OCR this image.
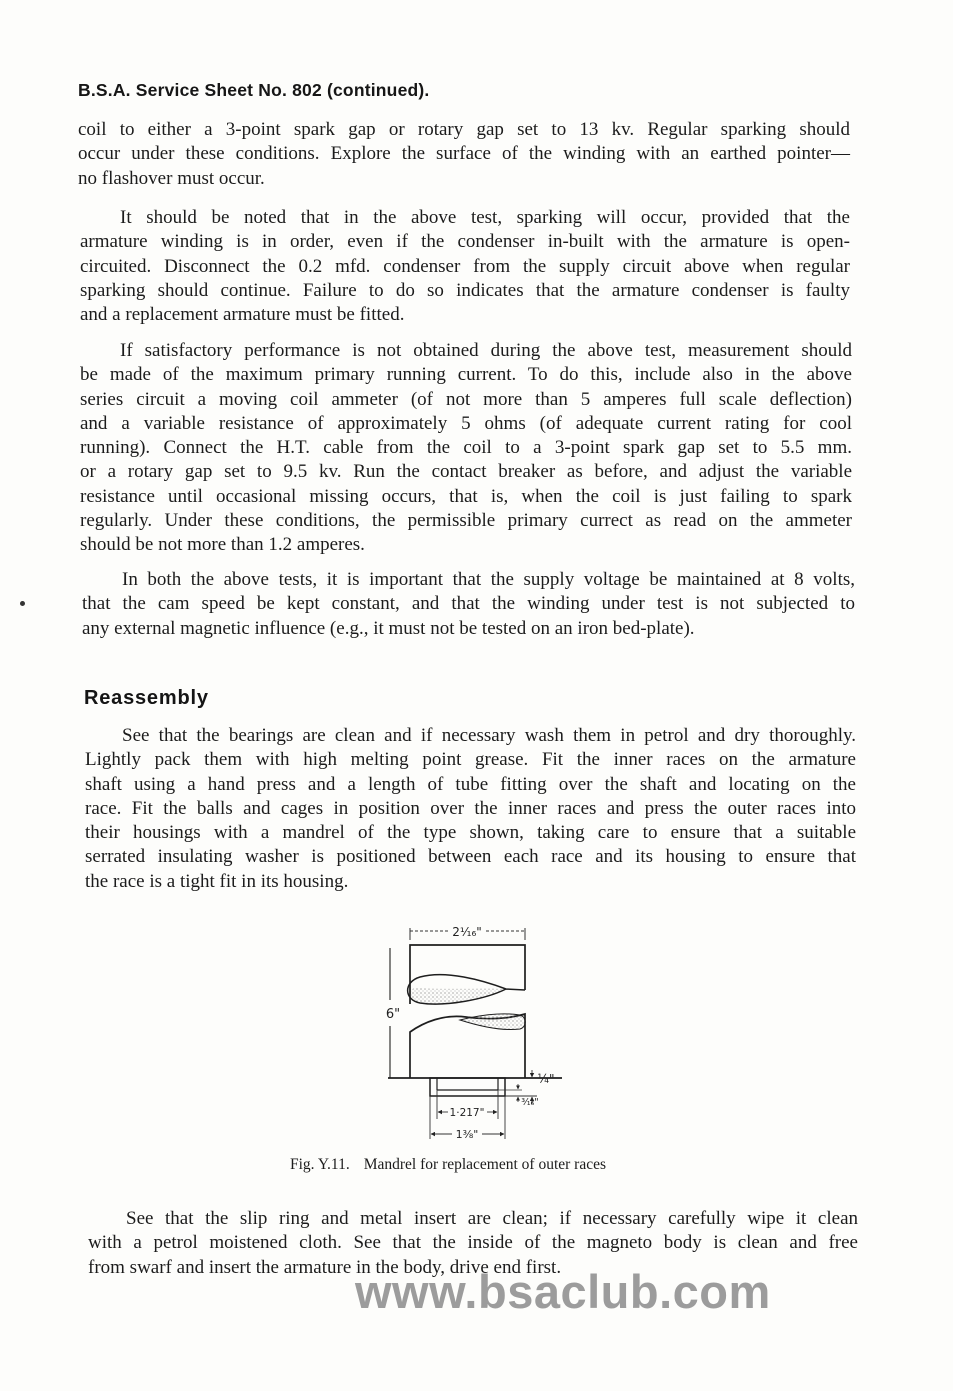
B.S.A. Service Sheet No. 802 (continued).
coil to either a 3-point spark gap or rotary gap set to 13 kv. Regular sparking should
occur under these conditions. Explore the surface of the winding with an earthed pointer—
no flashover must occur.
It should be noted that in the above test, sparking will occur, provided that the
armature winding is in order, even if the condenser in-built with the armature is open-
circuited. Disconnect the 0.2 mfd. condenser from the supply circuit above when regular
sparking should continue. Failure to do so indicates that the armature condenser is faulty
and a replacement armature must be fitted.
If satisfactory performance is not obtained during the above test, measurement should
be made of the maximum primary running current. To do this, include also in the above
series circuit a moving coil ammeter (of not more than 5 amperes full scale deflection)
and a variable resistance of approximately 5 ohms (of adequate current rating for cool
running). Connect the H.T. cable from the coil to a 3-point spark gap set to 5.5 mm.
or a rotary gap set to 9.5 kv. Run the contact breaker as before, and adjust the variable
resistance until occasional missing occurs, that is, when the coil is just failing to spark
regularly. Under these conditions, the permissible primary currect as read on the ammeter
should be not more than 1.2 amperes.
In both the above tests, it is important that the supply voltage be maintained at 8 volts,
that the cam speed be kept constant, and that the winding under test is not subjected to
any external magnetic influence (e.g., it must not be tested on an iron bed-plate).
Reassembly
See that the bearings are clean and if necessary wash them in petrol and dry thoroughly.
Lightly pack them with high melting point grease. Fit the inner races on the armature
shaft using a hand press and a length of tube fitting over the shaft and locating on the
race. Fit the balls and cages in position over the inner races and press the outer races into
their housings with a mandrel of the type shown, taking care to ensure that a suitable
serrated insulating washer is positioned between each race and its housing to ensure that
the race is a tight fit in its housing.
2¹⁄₁₆"
6"
1·217"
1⅜"
¼"
³⁄₁₆"
Fig. Y.11. Mandrel for replacement of outer races
See that the slip ring and metal insert are clean; if necessary carefully wipe it clean
with a petrol moistened cloth. See that the inside of the magneto body is clean and free
from swarf and insert the armature in the body, drive end first.
www.bsaclub.com
